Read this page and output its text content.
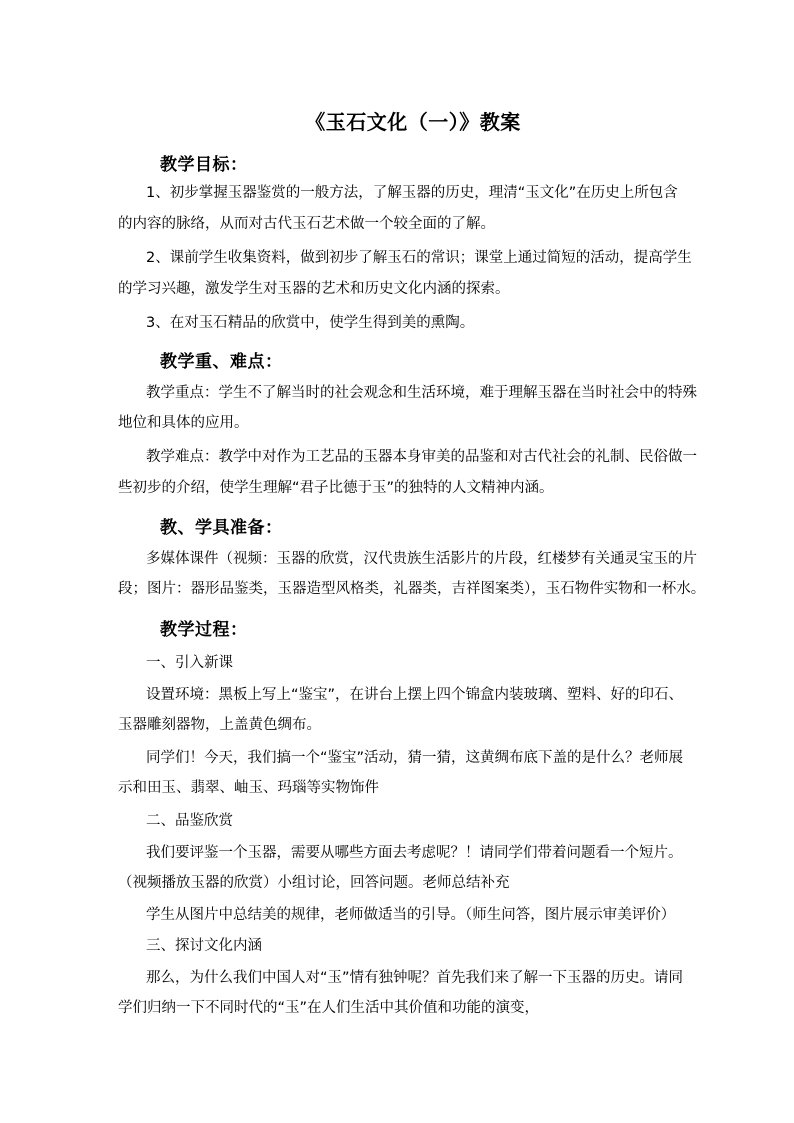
《玉石文化（一）》教案
教学目标：
1、初步掌握玉器鉴赏的一般方法，了解玉器的历史，理清“玉文化”在历史上所包含
的内容的脉络，从而对古代玉石艺术做一个较全面的了解。
2、课前学生收集资料，做到初步了解玉石的常识；课堂上通过简短的活动，提高学生
的学习兴趣，激发学生对玉器的艺术和历史文化内涵的探索。
3、在对玉石精品的欣赏中，使学生得到美的熏陶。
教学重、难点：
教学重点：学生不了解当时的社会观念和生活环境，难于理解玉器在当时社会中的特殊
地位和具体的应用。
教学难点：教学中对作为工艺品的玉器本身审美的品鉴和对古代社会的礼制、民俗做一
些初步的介绍，使学生理解“君子比德于玉”的独特的人文精神内涵。
教、学具准备：
多媒体课件（视频：玉器的欣赏，汉代贵族生活影片的片段，红楼梦有关通灵宝玉的片
段；图片：器形品鉴类，玉器造型风格类，礼器类，吉祥图案类），玉石物件实物和一杯水。
教学过程：
一、引入新课
设置环境：黑板上写上“鉴宝”，在讲台上摆上四个锦盒内装玻璃、塑料、好的印石、
玉器雕刻器物，上盖黄色绸布。
同学们！今天，我们搞一个“鉴宝”活动，猜一猜，这黄绸布底下盖的是什么？老师展
示和田玉、翡翠、岫玉、玛瑙等实物饰件
二、品鉴欣赏
我们要评鉴一个玉器，需要从哪些方面去考虑呢？！请同学们带着问题看一个短片。
（视频播放玉器的欣赏）小组讨论，回答问题。老师总结补充
学生从图片中总结美的规律，老师做适当的引导。（师生问答，图片展示审美评价）
三、探讨文化内涵
那么，为什么我们中国人对“玉”情有独钟呢？首先我们来了解一下玉器的历史。请同
学们归纳一下不同时代的“玉”在人们生活中其价值和功能的演变，
